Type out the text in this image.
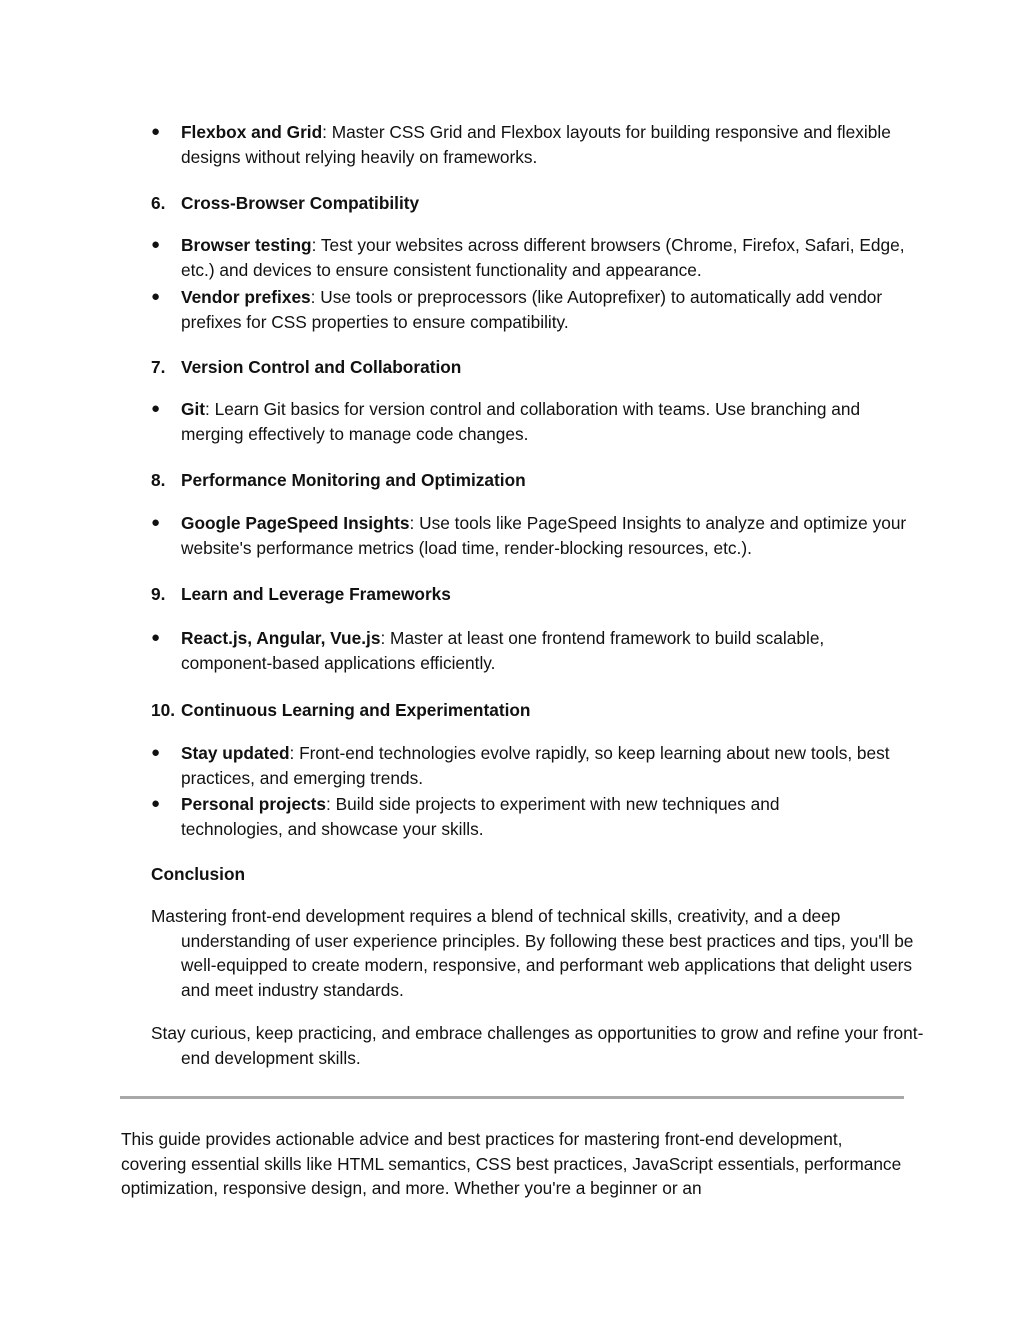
● Flexbox and Grid: Master CSS Grid and Flexbox layouts for building responsive and flexible designs without relying heavily on frameworks.
6. Cross-Browser Compatibility
● Browser testing: Test your websites across different browsers (Chrome, Firefox, Safari, Edge, etc.) and devices to ensure consistent functionality and appearance.
● Vendor prefixes: Use tools or preprocessors (like Autoprefixer) to automatically add vendor prefixes for CSS properties to ensure compatibility.
7. Version Control and Collaboration
● Git: Learn Git basics for version control and collaboration with teams. Use branching and merging effectively to manage code changes.
8. Performance Monitoring and Optimization
● Google PageSpeed Insights: Use tools like PageSpeed Insights to analyze and optimize your website's performance metrics (load time, render-blocking resources, etc.).
9. Learn and Leverage Frameworks
● React.js, Angular, Vue.js: Master at least one frontend framework to build scalable, component-based applications efficiently.
10. Continuous Learning and Experimentation
● Stay updated: Front-end technologies evolve rapidly, so keep learning about new tools, best practices, and emerging trends.
● Personal projects: Build side projects to experiment with new techniques and technologies, and showcase your skills.
Conclusion
Mastering front-end development requires a blend of technical skills, creativity, and a deep understanding of user experience principles. By following these best practices and tips, you'll be well-equipped to create modern, responsive, and performant web applications that delight users and meet industry standards.
Stay curious, keep practicing, and embrace challenges as opportunities to grow and refine your front-end development skills.
This guide provides actionable advice and best practices for mastering front-end development, covering essential skills like HTML semantics, CSS best practices, JavaScript essentials, performance optimization, responsive design, and more. Whether you're a beginner or an
